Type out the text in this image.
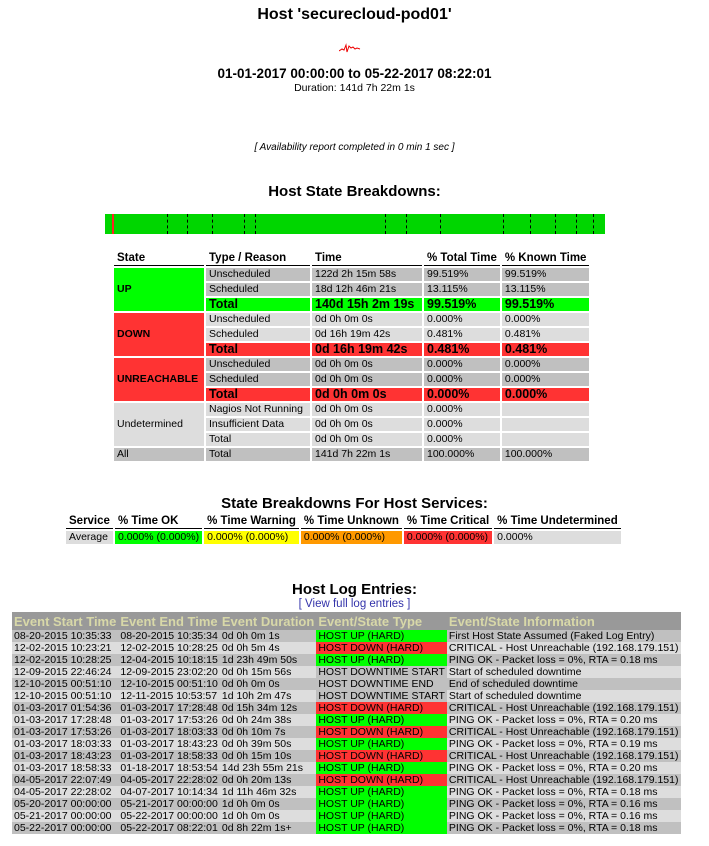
Host 'securecloud-pod01'
01-01-2017 00:00:00 to 05-22-2017 08:22:01
Duration: 141d 7h 22m 1s
[ Availability report completed in 0 min 1 sec ]
Host State Breakdowns:
State	Type / Reason	Time	% Total Time	% Known Time
UP	Unscheduled	122d 2h 15m 58s	99.519%	99.519%
	Scheduled	18d 12h 46m 21s	13.115%	13.115%
	Total	140d 15h 2m 19s	99.519%	99.519%
DOWN	Unscheduled	0d 0h 0m 0s	0.000%	0.000%
	Scheduled	0d 16h 19m 42s	0.481%	0.481%
	Total	0d 16h 19m 42s	0.481%	0.481%
UNREACHABLE	Unscheduled	0d 0h 0m 0s	0.000%	0.000%
	Scheduled	0d 0h 0m 0s	0.000%	0.000%
	Total	0d 0h 0m 0s	0.000%	0.000%
Undetermined	Nagios Not Running	0d 0h 0m 0s	0.000%	
	Insufficient Data	0d 0h 0m 0s	0.000%	
	Total	0d 0h 0m 0s	0.000%	
All	Total	141d 7h 22m 1s	100.000%	100.000%
State Breakdowns For Host Services:
Service	% Time OK	% Time Warning	% Time Unknown	% Time Critical	% Time Undetermined
Average	0.000% (0.000%)	0.000% (0.000%)	0.000% (0.000%)	0.000% (0.000%)	0.000%
Host Log Entries:
[ View full log entries ]
Event Start Time	Event End Time	Event Duration	Event/State Type	Event/State Information
08-20-2015 10:35:33	08-20-2015 10:35:34	0d 0h 0m 1s	HOST UP (HARD)	First Host State Assumed (Faked Log Entry)
12-02-2015 10:23:21	12-02-2015 10:28:25	0d 0h 5m 4s	HOST DOWN (HARD)	CRITICAL - Host Unreachable (192.168.179.151)
12-02-2015 10:28:25	12-04-2015 10:18:15	1d 23h 49m 50s	HOST UP (HARD)	PING OK - Packet loss = 0%, RTA = 0.18 ms
12-09-2015 22:46:24	12-09-2015 23:02:20	0d 0h 15m 56s	HOST DOWNTIME START	Start of scheduled downtime
12-10-2015 00:51:10	12-10-2015 00:51:10	0d 0h 0m 0s	HOST DOWNTIME END	End of scheduled downtime
12-10-2015 00:51:10	12-11-2015 10:53:57	1d 10h 2m 47s	HOST DOWNTIME START	Start of scheduled downtime
01-03-2017 01:54:36	01-03-2017 17:28:48	0d 15h 34m 12s	HOST DOWN (HARD)	CRITICAL - Host Unreachable (192.168.179.151)
01-03-2017 17:28:48	01-03-2017 17:53:26	0d 0h 24m 38s	HOST UP (HARD)	PING OK - Packet loss = 0%, RTA = 0.20 ms
01-03-2017 17:53:26	01-03-2017 18:03:33	0d 0h 10m 7s	HOST DOWN (HARD)	CRITICAL - Host Unreachable (192.168.179.151)
01-03-2017 18:03:33	01-03-2017 18:43:23	0d 0h 39m 50s	HOST UP (HARD)	PING OK - Packet loss = 0%, RTA = 0.19 ms
01-03-2017 18:43:23	01-03-2017 18:58:33	0d 0h 15m 10s	HOST DOWN (HARD)	CRITICAL - Host Unreachable (192.168.179.151)
01-03-2017 18:58:33	01-18-2017 18:53:54	14d 23h 55m 21s	HOST UP (HARD)	PING OK - Packet loss = 0%, RTA = 0.20 ms
04-05-2017 22:07:49	04-05-2017 22:28:02	0d 0h 20m 13s	HOST DOWN (HARD)	CRITICAL - Host Unreachable (192.168.179.151)
04-05-2017 22:28:02	04-07-2017 10:14:34	1d 11h 46m 32s	HOST UP (HARD)	PING OK - Packet loss = 0%, RTA = 0.18 ms
05-20-2017 00:00:00	05-21-2017 00:00:00	1d 0h 0m 0s	HOST UP (HARD)	PING OK - Packet loss = 0%, RTA = 0.16 ms
05-21-2017 00:00:00	05-22-2017 00:00:00	1d 0h 0m 0s	HOST UP (HARD)	PING OK - Packet loss = 0%, RTA = 0.16 ms
05-22-2017 00:00:00	05-22-2017 08:22:01	0d 8h 22m 1s+	HOST UP (HARD)	PING OK - Packet loss = 0%, RTA = 0.18 ms
